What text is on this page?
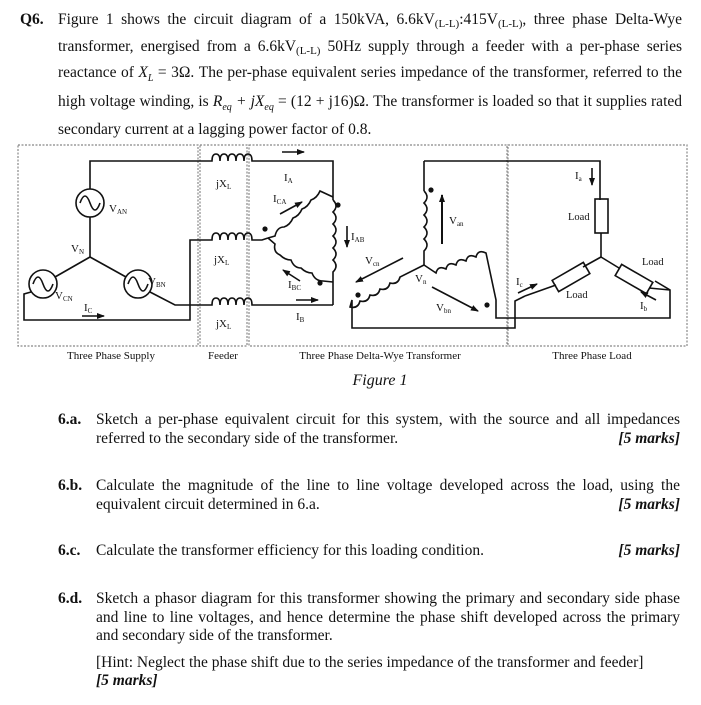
Q6. Figure 1 shows the circuit diagram of a 150kVA, 6.6kV(L-L):415V(L-L), three phase Delta-Wye transformer, energised from a 6.6kV(L-L) 50Hz supply through a feeder with a per-phase series reactance of $X_L = 3\Omega$. The per-phase equivalent series impedance of the transformer, referred to the high voltage winding, is $R_{eq} + jX_{eq} = (12 + j16)\Omega$. The transformer is loaded so that it supplies rated secondary current at a lagging power factor of 0.8.

VAN
VN
VBN
VCN
IC
jXL
jXL
jXL
IA
ICA
IAB
IBC
IB
Van
Vcn
Vn
Vbn
Ia
Ic
Ib
Load
Load
Load
Three Phase Supply	Feeder	Three Phase Delta-Wye Transformer	Three Phase Load
Figure 1
6.a. Sketch a per-phase equivalent circuit for this system, with the source and all impedances referred to the secondary side of the transformer.	[5 marks]
6.b. Calculate the magnitude of the line to line voltage developed across the load, using the equivalent circuit determined in 6.a.	[5 marks]
6.c. Calculate the transformer efficiency for this loading condition.	[5 marks]
6.d. Sketch a phasor diagram for this transformer showing the primary and secondary side phase and line to line voltages, and hence determine the phase shift developed across the primary and secondary side of the transformer.
[Hint: Neglect the phase shift due to the series impedance of the transformer and feeder]
[5 marks]
